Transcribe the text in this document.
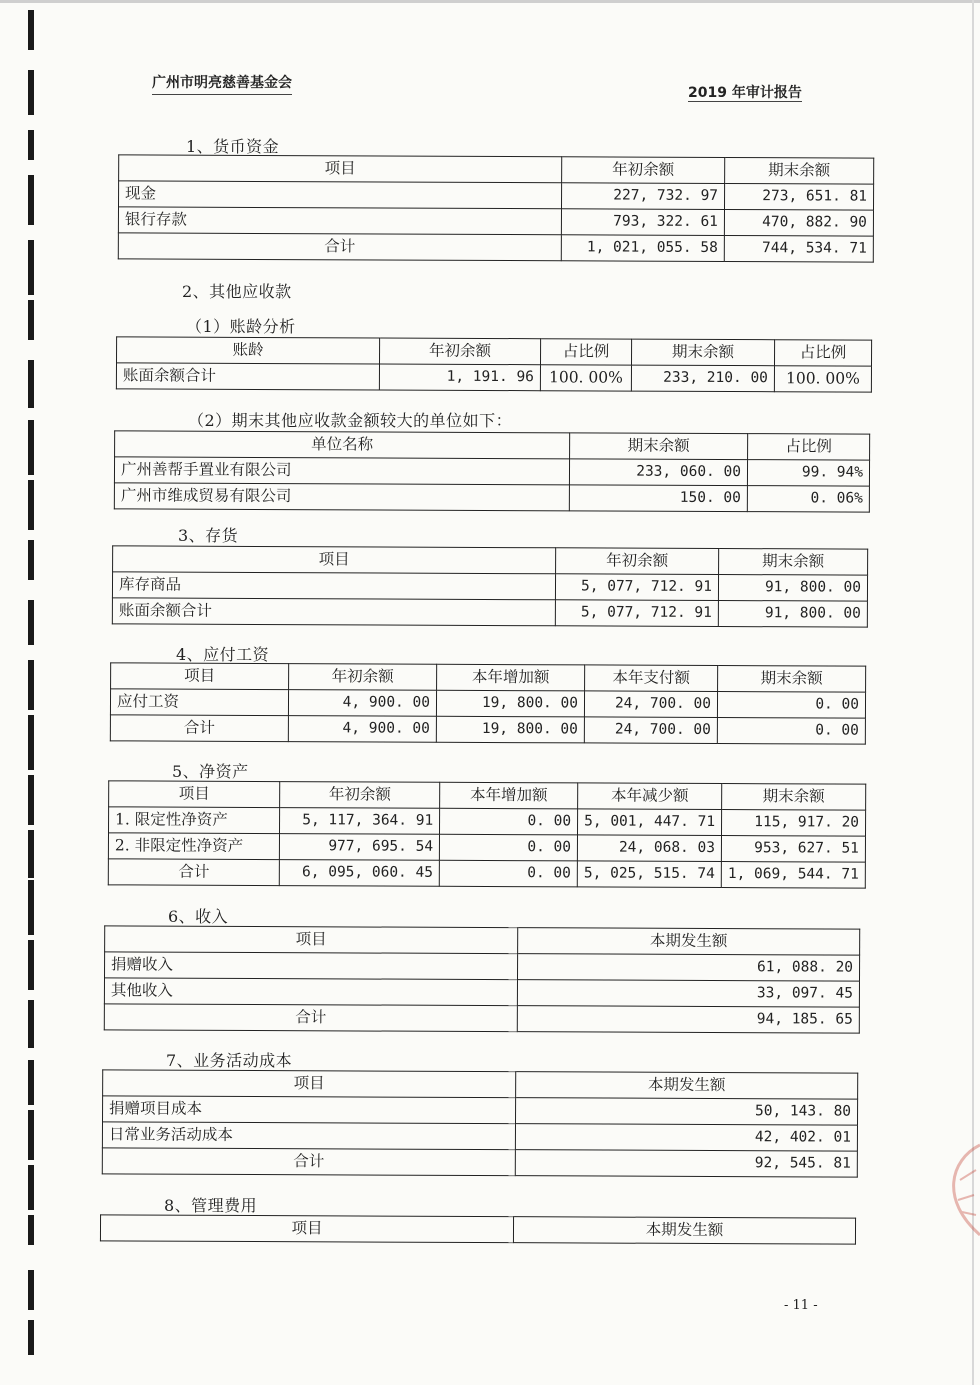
广州市明亮慈善基金会
2019 年审计报告
1、货币资金
项目	年初余额	期末余额
现金	227, 732. 97	273, 651. 81
银行存款	793, 322. 61	470, 882. 90
合计	1, 021, 055. 58	744, 534. 71
2、其他应收款
（1）账龄分析
账龄	年初余额	占比例	期末余额	占比例
账面余额合计	1, 191. 96	100. 00%	233, 210. 00	100. 00%
（2）期末其他应收款金额较大的单位如下：
单位名称	期末余额	占比例
广州善帮手置业有限公司	233, 060. 00	99. 94%
广州市维成贸易有限公司	150. 00	0. 06%
3、存货
项目	年初余额	期末余额
库存商品	5, 077, 712. 91	91, 800. 00
账面余额合计	5, 077, 712. 91	91, 800. 00
4、应付工资
项目	年初余额	本年增加额	本年支付额	期末余额
应付工资	4, 900. 00	19, 800. 00	24, 700. 00	0. 00
合计	4, 900. 00	19, 800. 00	24, 700. 00	0. 00
5、净资产
项目	年初余额	本年增加额	本年减少额	期末余额
1. 限定性净资产	5, 117, 364. 91	0. 00	5, 001, 447. 71	115, 917. 20
2. 非限定性净资产	977, 695. 54	0. 00	24, 068. 03	953, 627. 51
合计	6, 095, 060. 45	0. 00	5, 025, 515. 74	1, 069, 544. 71
6、收入
项目	本期发生额
捐赠收入	61, 088. 20
其他收入	33, 097. 45
合计	94, 185. 65
7、业务活动成本
项目	本期发生额
捐赠项目成本	50, 143. 80
日常业务活动成本	42, 402. 01
合计	92, 545. 81
8、管理费用
项目	本期发生额
- 11 -
